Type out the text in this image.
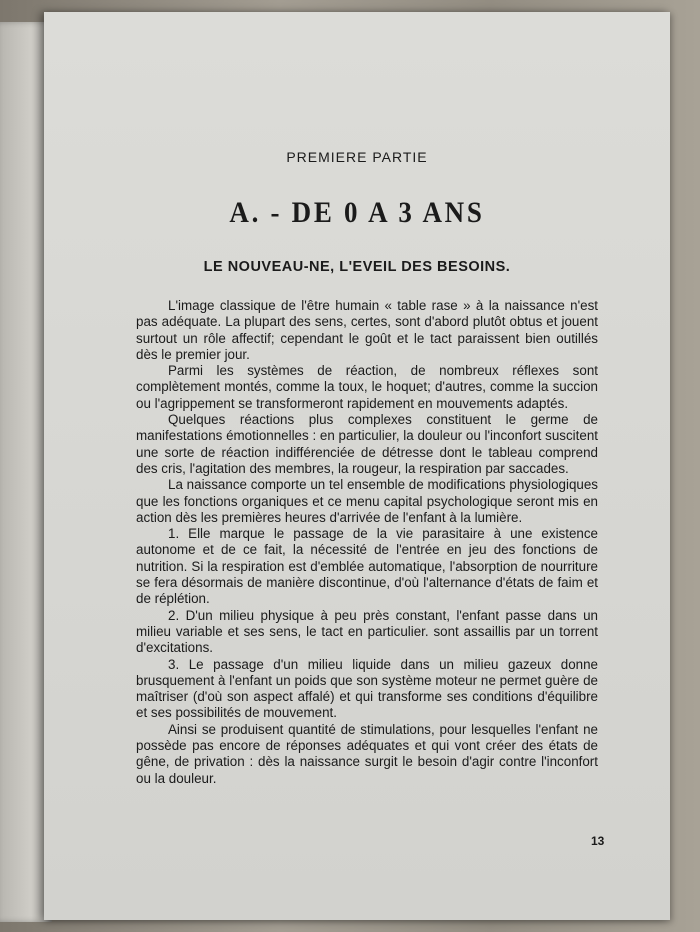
PREMIERE PARTIE
A. - DE 0 A 3 ANS
LE NOUVEAU-NE, L'EVEIL DES BESOINS.

L'image classique de l'être humain « table rase » à la naissance n'est pas adéquate. La plupart des sens, certes, sont d'abord plutôt obtus et jouent surtout un rôle affectif; cependant le goût et le tact paraissent bien outillés dès le premier jour.

Parmi les systèmes de réaction, de nombreux réflexes sont complètement montés, comme la toux, le hoquet; d'autres, comme la succion ou l'agrippement se transformeront rapidement en mouvements adaptés.

Quelques réactions plus complexes constituent le germe de manifestations émotionnelles : en particulier, la douleur ou l'inconfort suscitent une sorte de réaction indifférenciée de détresse dont le tableau comprend des cris, l'agitation des membres, la rougeur, la respiration par saccades.

La naissance comporte un tel ensemble de modifications physiologiques que les fonctions organiques et ce menu capital psychologique seront mis en action dès les premières heures d'arrivée de l'enfant à la lumière.

1. Elle marque le passage de la vie parasitaire à une existence autonome et de ce fait, la nécessité de l'entrée en jeu des fonctions de nutrition. Si la respiration est d'emblée automatique, l'absorption de nourriture se fera désormais de manière discontinue, d'où l'alternance d'états de faim et de réplétion.

2. D'un milieu physique à peu près constant, l'enfant passe dans un milieu variable et ses sens, le tact en particulier. sont assaillis par un torrent d'excitations.

3. Le passage d'un milieu liquide dans un milieu gazeux donne brusquement à l'enfant un poids que son système moteur ne permet guère de maîtriser (d'où son aspect affalé) et qui transforme ses conditions d'équilibre et ses possibilités de mouvement.

Ainsi se produisent quantité de stimulations, pour lesquelles l'enfant ne possède pas encore de réponses adéquates et qui vont créer des états de gêne, de privation : dès la naissance surgit le besoin d'agir contre l'inconfort ou la douleur.

13
